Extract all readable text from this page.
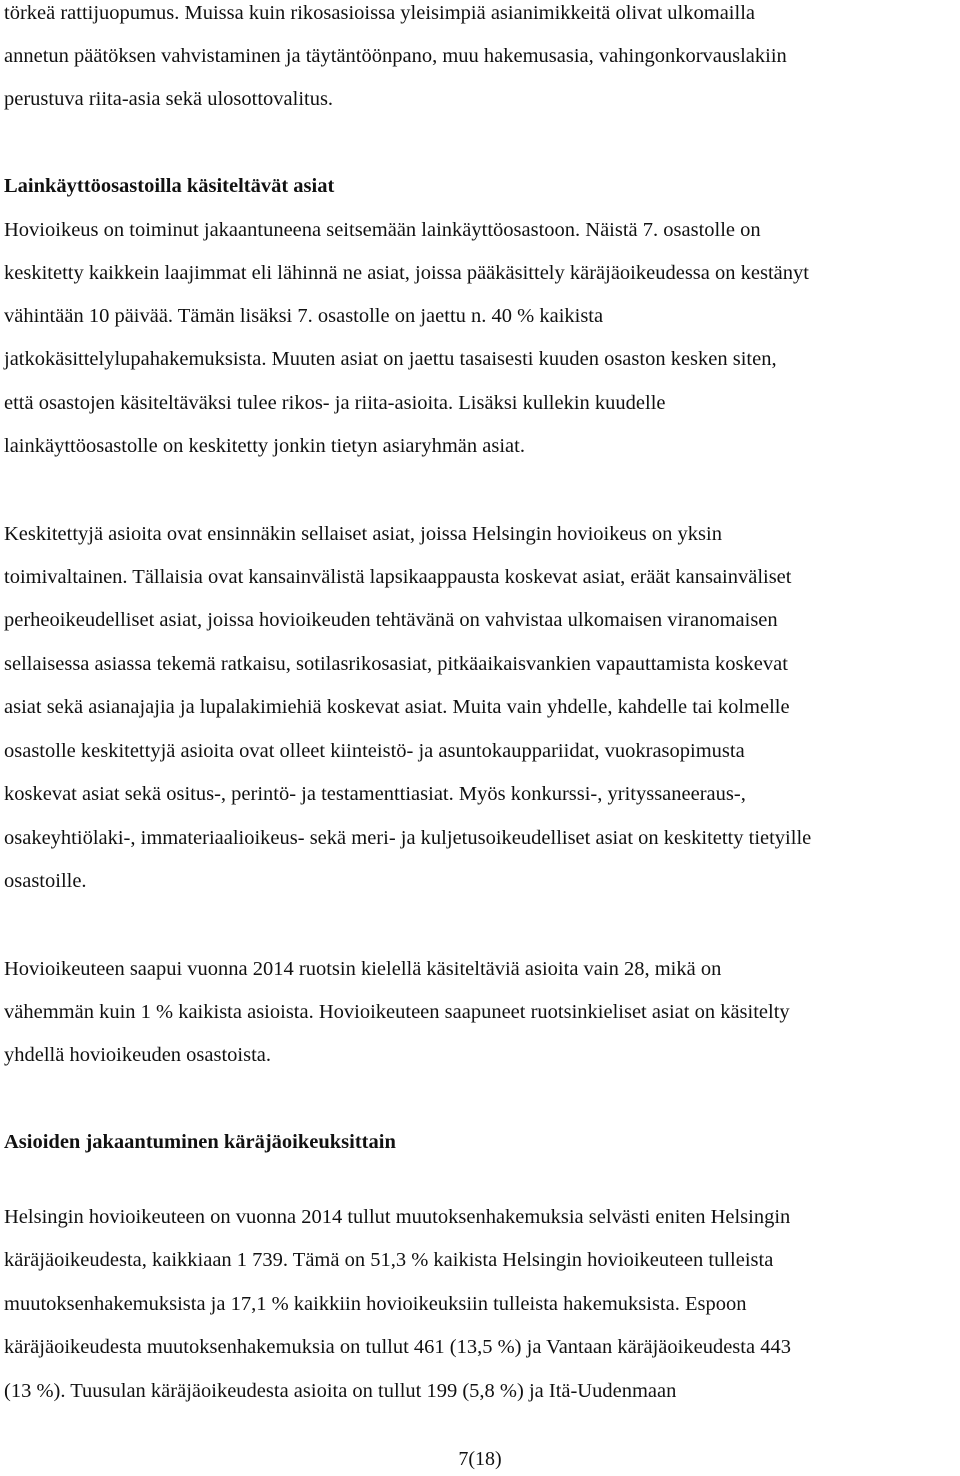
törkeä rattijuopumus. Muissa kuin rikosasioissa yleisimpiä asianimikkeitä olivat ulkomailla
annetun päätöksen vahvistaminen ja täytäntöönpano, muu hakemusasia, vahingonkorvauslakiin
perustuva riita-asia sekä ulosottovalitus.
Lainkäyttöosastoilla käsiteltävät asiat
Hovioikeus on toiminut jakaantuneena seitsemään lainkäyttöosastoon. Näistä 7. osastolle on
keskitetty kaikkein laajimmat eli lähinnä ne asiat, joissa pääkäsittely käräjäoikeudessa on kestänyt
vähintään 10 päivää. Tämän lisäksi 7. osastolle on jaettu n. 40 % kaikista
jatkokäsittelylupahakemuksista. Muuten asiat on jaettu tasaisesti kuuden osaston kesken siten,
että osastojen käsiteltäväksi tulee rikos- ja riita-asioita. Lisäksi kullekin kuudelle
lainkäyttöosastolle on keskitetty jonkin tietyn asiaryhmän asiat.
Keskitettyjä asioita ovat ensinnäkin sellaiset asiat, joissa Helsingin hovioikeus on yksin
toimivaltainen. Tällaisia ovat kansainvälistä lapsikaappausta koskevat asiat, eräät kansainväliset
perheoikeudelliset asiat, joissa hovioikeuden tehtävänä on vahvistaa ulkomaisen viranomaisen
sellaisessa asiassa tekemä ratkaisu, sotilasrikosasiat, pitkäaikaisvankien vapauttamista koskevat
asiat sekä asianajajia ja lupalakimiehiä koskevat asiat. Muita vain yhdelle, kahdelle tai kolmelle
osastolle keskitettyjä asioita ovat olleet kiinteistö- ja asuntokauppariidat, vuokrasopimusta
koskevat asiat sekä ositus-, perintö- ja testamenttiasiat. Myös konkurssi-, yrityssaneeraus-,
osakeyhtiölaki-, immateriaalioikeus- sekä meri- ja kuljetusoikeudelliset asiat on keskitetty tietyille
osastoille.
Hovioikeuteen saapui vuonna 2014 ruotsin kielellä käsiteltäviä asioita vain 28, mikä on
vähemmän kuin 1 % kaikista asioista. Hovioikeuteen saapuneet ruotsinkieliset asiat on käsitelty
yhdellä hovioikeuden osastoista.
Asioiden jakaantuminen käräjäoikeuksittain
Helsingin hovioikeuteen on vuonna 2014 tullut muutoksenhakemuksia selvästi eniten Helsingin
käräjäoikeudesta, kaikkiaan 1 739. Tämä on 51,3 % kaikista Helsingin hovioikeuteen tulleista
muutoksenhakemuksista ja 17,1 % kaikkiin hovioikeuksiin tulleista hakemuksista. Espoon
käräjäoikeudesta muutoksenhakemuksia on tullut 461 (13,5 %) ja Vantaan käräjäoikeudesta 443
(13 %). Tuusulan käräjäoikeudesta asioita on tullut 199 (5,8 %) ja Itä-Uudenmaan
7(18)
